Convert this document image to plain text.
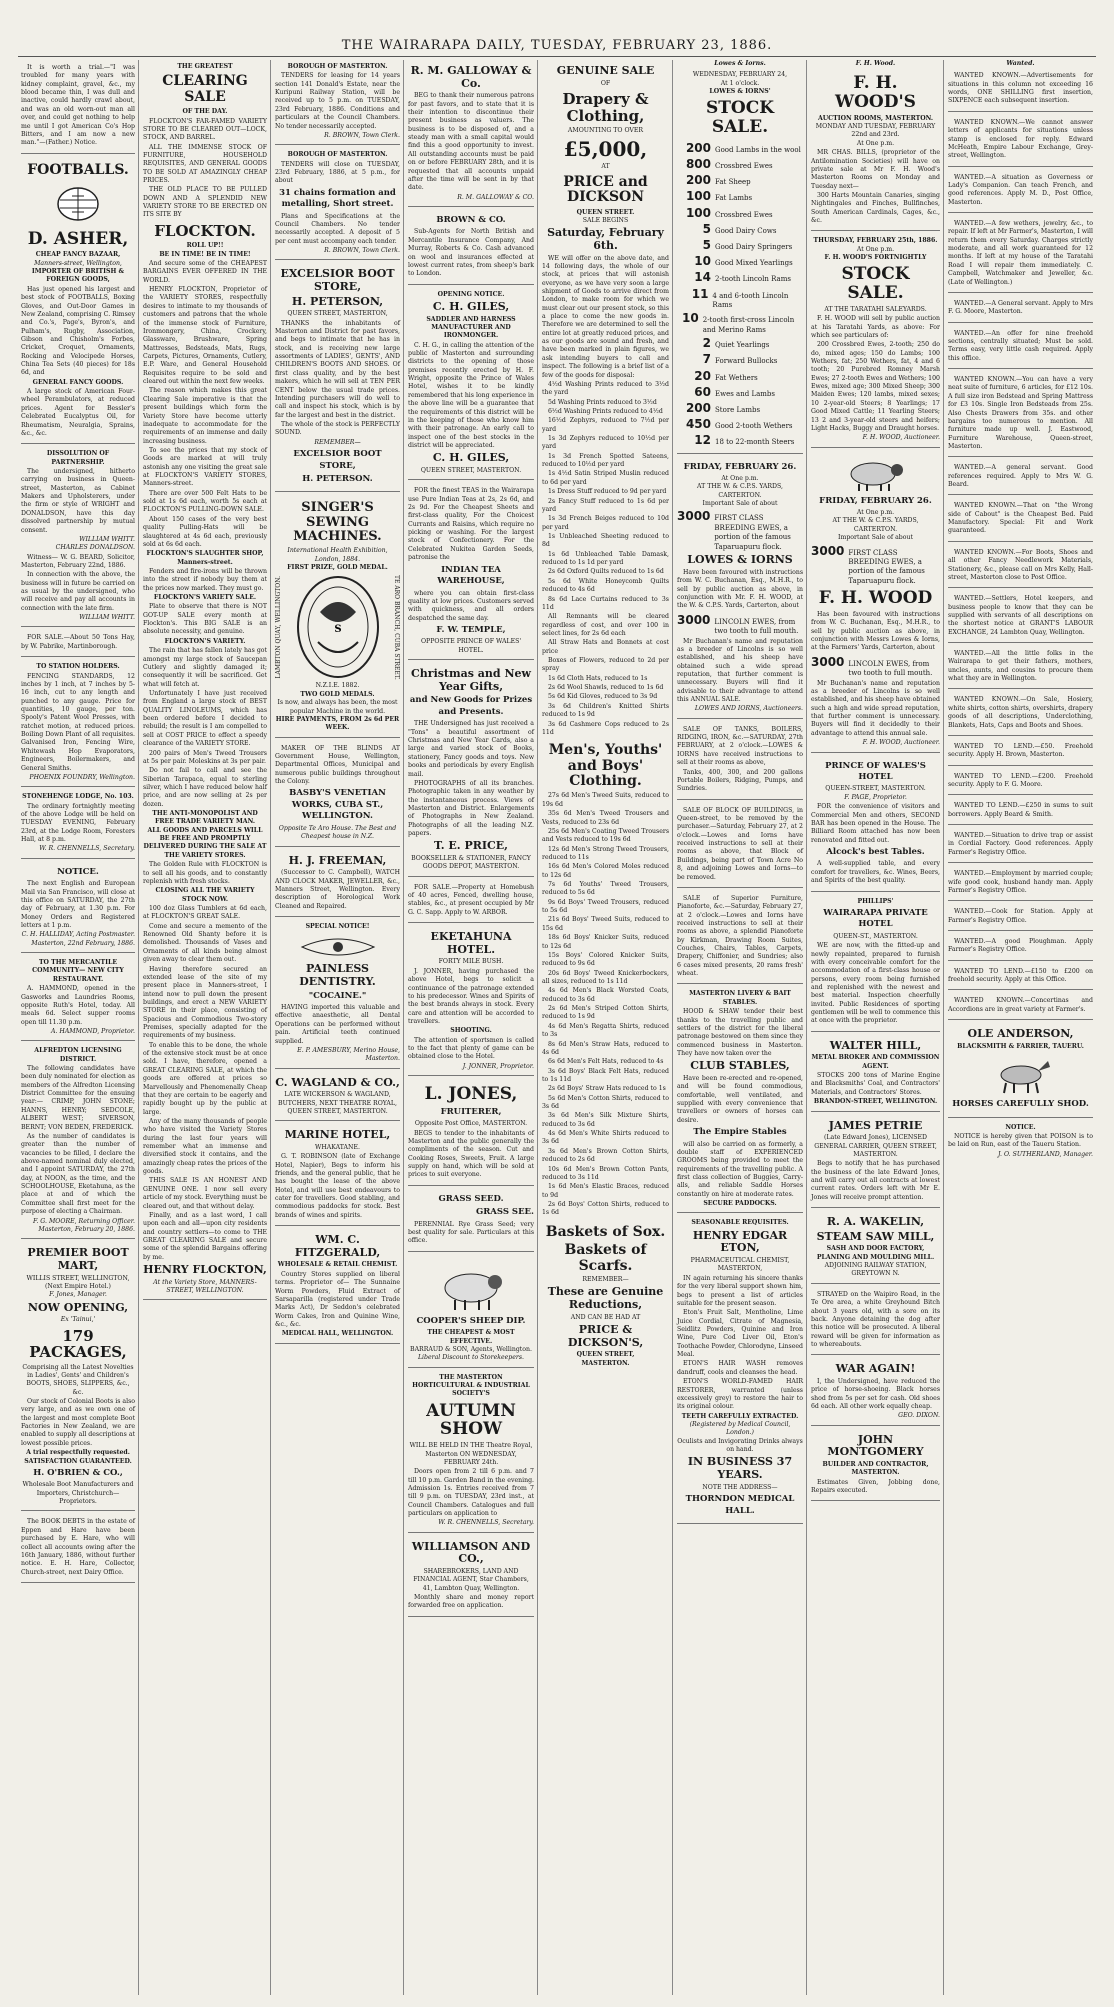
THE WAIRARAPA DAILY, TUESDAY, FEBRUARY 23, 1886.

It is worth a trial.—"I was troubled for many years with kidney complaint, gravel, &c., my blood became thin, I was dull and inactive, could hardly crawl about, and was an old worn-out man all over, and could get nothing to help me until I got American Co's Hop Bitters, and I am now a new man."—(Father.) Notice.

FOOTBALLS.
D. ASHER,
CHEAP FANCY BAZAAR,
Manners-street, Wellington,
IMPORTER OF BRITISH & FOREIGN GOODS,

Has just opened his largest and best stock of FOOTBALLS, Boxing Gloves, and Out-Door Games in New Zealand, comprising C. Rimsey and Co.'s, Page's, Byron's, and Pulham's, Rugby, Association, Gibson and Chisholm's Forbes, Cricket, Croquet, Ornaments, Rocking and Velocipede Horses, China Tea Sets (40 pieces) for 18s 6d, and

GENERAL FANCY GOODS.

A large stock of American Four-wheel Perambulators, at reduced prices. Agent for Bessler's Celebrated Eucalyptus Oil, for Rheumatism, Neuralgia, Sprains, &c., &c.

DISSOLUTION OF PARTNERSHIP.

The undersigned, hitherto carrying on business in Queen-street, Masterton, as Cabinet Makers and Upholsterers, under the firm or style of WRIGHT and DONALDSON, have this day dissolved partnership by mutual consent.

WILLIAM WHITT.
CHARLES DONALDSON.

Witness— W. G. BEARD, Solicitor, Masterton, February 22nd, 1886.

In connection with the above, the business will in future be carried on as usual by the undersigned, who will receive and pay all accounts in connection with the late firm.

WILLIAM WHITT.

FOR SALE.—About 50 Tons Hay, by W. Pabrike, Martinborough.

TO STATION HOLDERS.

FENCING STANDARDS, 12 inches by 1 inch, at 7 inches by 5-16 inch, cut to any length and punched to any gauge. Price for quantities, 10 gauge, per ton. Spooly's Patent Wool Presses, with ratchet motion, at reduced prices. Boiling Down Plant of all requisites. Galvanised Iron, Fencing Wire, Whitewash Hop Evaporators, Engineers, Boilermakers, and General Smiths.

PHOENIX FOUNDRY, Wellington.
STONEHENGE LODGE, No. 103.

The ordinary fortnightly meeting of the above Lodge will be held on TUESDAY EVENING, February 23rd, at the Lodge Room, Foresters Hall, at 8 p.m.

W. R. CHENNELLS, Secretary.
NOTICE.

The next English and European Mail via San Francisco, will close at this office on SATURDAY, the 27th day of February, at 1.30 p.m. For Money Orders and Registered letters at 1 p.m.

C. H. HALLIDAY, Acting Postmaster. Masterton, 22nd February, 1886.
TO THE MERCANTILE COMMUNITY— NEW CITY RESTAURANT.

A. HAMMOND, opened in the Gasworks and Laundries Rooms, opposite Ruth's Hotel, today. All meals 6d. Select supper rooms open till 11.30 p.m.

A. HAMMOND, Proprietor.
ALFREDTON LICENSING DISTRICT.

The following candidates have been duly nominated for election as members of the Alfredton Licensing District Committee for the ensuing year:— CRIMP, JOHN STONE; HANNS, HENRY; SEDCOLE, ALBERT WEST; SIVERSON, BERNT; VON BEDEN, FREDERICK.

As the number of candidates is greater than the number of vacancies to be filled, I declare the above-named nominal duly elected, and I appoint SATURDAY, the 27th day, at NOON, as the time, and the SCHOOLHOUSE, Eketahuna, as the place at and of which the Committee shall first meet for the purpose of electing a Chairman.

F. G. MOORE, Returning Officer. Masterton, February 20, 1886.
PREMIER BOOT MART,
WILLIS STREET, WELLINGTON, (Next Empire Hotel.)
F. Jones, Manager.
NOW OPENING,
Ex 'Tainui,'
179 PACKAGES,
Comprising all the Latest Novelties in Ladies', Gents' and Children's BOOTS, SHOES, SLIPPERS, &c., &c.

Our stock of Colonial Boots is also very large, and as we own one of the largest and most complete Boot Factories in New Zealand, we are enabled to supply all descriptions at lowest possible prices.

A trial respectfully requested. SATISFACTION GUARANTEED.
H. O'BRIEN & CO.,
Wholesale Boot Manufacturers and Importers, Christchurch—Proprietors.

The BOOK DEBTS in the estate of Eppen and Hare have been purchased by E. Hare, who will collect all accounts owing after the 16th January, 1886, without further notice. E. H. Hare, Collector, Church-street, next Dairy Office.

THE GREATEST
CLEARING SALE
OF THE DAY.

FLOCKTON'S FAR-FAMED VARIETY STORE TO BE CLEARED OUT—LOCK, STOCK, AND BARREL.

ALL THE IMMENSE STOCK OF FURNITURE, HOUSEHOLD REQUISITES, AND GENERAL GOODS TO BE SOLD AT AMAZINGLY CHEAP PRICES.

THE OLD PLACE TO BE PULLED DOWN AND A SPLENDID NEW VARIETY STORE TO BE ERECTED ON ITS SITE BY

FLOCKTON.
ROLL UP!!
BE IN TIME! BE IN TIME!

And secure some of the CHEAPEST BARGAINS EVER OFFERED IN THE WORLD.

HENRY FLOCKTON, Proprietor of the VARIETY STORES, respectfully desires to intimate to my thousands of customers and patrons that the whole of the immense stock of Furniture, Ironmongery, China, Crockery, Glassware, Brushware, Spring Mattresses, Bedsteads, Mats, Rugs, Carpets, Pictures, Ornaments, Cutlery, E.P. Ware, and General Household Requisites require to be sold and cleared out within the next few weeks.

The reason which makes this great Clearing Sale imperative is that the present buildings which form the Variety Store have become utterly inadequate to accommodate for the requirements of an immense and daily increasing business.

To see the prices that my stock of Goods are marked at will truly astonish any one visiting the great sale at FLOCKTON'S VARIETY STORES, Manners-street.

There are over 500 Felt Hats to be sold at 1s 6d each, worth 5s each at FLOCKTON'S PULLING-DOWN SALE.

About 150 cases of the very best quality Pulling-Hats will be slaughtered at 4s 6d each, previously sold at 6s 6d each.

FLOCKTON'S SLAUGHTER SHOP, Manners-street.

Fenders and fire-irons will be thrown into the street if nobody buy them at the prices now marked. They must go.

FLOCKTON'S VARIETY SALE.

Plate to observe that there is NOT GOT-UP SALE every month at Flockton's. This BIG SALE is an absolute necessity, and genuine.

FLOCKTON'S VARIETY.

The rain that has fallen lately has got amongst my large stock of Saucepan Cutlery and slightly damaged it; consequently it will be sacrificed. Get what will fetch at.

Unfortunately I have just received from England a large stock of BEST QUALITY LINOLEUMS, which has been ordered before I decided to rebuild; the result is I am compelled to sell at COST PRICE to effect a speedy clearance of the VARIETY STORE.

200 pairs of Men's Tweed Trousers at 5s per pair. Moleskins at 3s per pair.

Do not fail to call and see the Siberian Tarapaca, equal to sterling silver, which I have reduced below half price, and are now selling at 2s per dozen.

THE ANTI-MONOPOLIST AND FREE TRADE VARIETY MAN.
ALL GOODS AND PARCELS WILL BE FREE AND PROMPTLY DELIVERED DURING THE SALE AT THE VARIETY STORES.

The Golden Rule with FLOCKTON is to sell all his goods, and to constantly replenish with fresh stocks.

CLOSING ALL THE VARIETY STOCK NOW.

100 doz Glass Tumblers at 6d each, at FLOCKTON'S GREAT SALE.

Come and secure a memento of the Renowned Old Shanty before it is demolished. Thousands of Vases and Ornaments of all kinds being almost given away to clear them out.

Having therefore secured an extended lease of the site of my present place in Manners-street, I intend now to pull down the present buildings, and erect a NEW VARIETY STORE in their place, consisting of Spacious and Commodious Two-story Premises, specially adapted for the requirements of my business.

To enable this to be done, the whole of the extensive stock must be at once sold. I have, therefore, opened a GREAT CLEARING SALE, at which the goods are offered at prices so Marvellously and Phenomenally Cheap that they are certain to be eagerly and rapidly bought up by the public at large.

Any of the many thousands of people who have visited the Variety Stores during the last four years will remember what an immense and diversified stock it contains, and the amazingly cheap rates the prices of the goods.

THIS SALE IS AN HONEST AND GENUINE ONE. I now sell every article of my stock. Everything must be cleared out, and that without delay.

Finally, and as a last word, I call upon each and all—upon city residents and country settlers—to come to THE GREAT CLEARING SALE and secure some of the splendid Bargains offering by me.

HENRY FLOCKTON,
At the Variety Store, MANNERS-STREET, WELLINGTON.
BOROUGH OF MASTERTON.

TENDERS for leasing for 14 years section 141 Donald's Estate, near the Kuripuni Railway Station, will be received up to 5 p.m. on TUESDAY, 23rd February, 1886. Conditions and particulars at the Council Chambers. No tender necessarily accepted.

R. BROWN, Town Clerk.
BOROUGH OF MASTERTON.

TENDERS will close on TUESDAY, 23rd February, 1886, at 5 p.m., for about

31 chains formation and metalling, Short street.

Plans and Specifications at the Council Chambers. No tender necessarily accepted. A deposit of 5 per cent must accompany each tender.

R. BROWN, Town Clerk.
EXCELSIOR BOOT STORE,
H. PETERSON,
QUEEN STREET, MASTERTON,

THANKS the inhabitants of Masterton and District for past favors, and begs to intimate that he has in stock, and is receiving new large assortments of LADIES', GENTS', AND CHILDREN'S BOOTS AND SHOES. Of first class quality, and by the best makers, which he will sell at TEN PER CENT below the usual trade prices. Intending purchasers will do well to call and inspect his stock, which is by far the largest and best in the district.

The whole of the stock is PERFECTLY SOUND.

REMEMBER—
EXCELSIOR BOOT STORE,
H. PETERSON.
SINGER'S SEWING MACHINES.
International Health Exhibition, London, 1884.
FIRST PRIZE, GOLD MEDAL.
LAMBTON QUAY, WELLINGTON.	S	TE ARO BRANCH, CUBA STREET.
N.Z.I.E. 1882.
TWO GOLD MEDALS.
Is now, and always has been, the most popular Machine in the world.
HIRE PAYMENTS, FROM 2s 6d PER WEEK.

MAKER OF THE BLINDS AT Government House, Wellington, Departmental Offices, Municipal and numerous public buildings throughout the Colony.

BASBY'S VENETIAN WORKS, CUBA ST., WELLINGTON.
Opposite Te Aro House. The Best and Cheapest house in N.Z.
H. J. FREEMAN,

(Successor to C. Campbell), WATCH AND CLOCK MAKER, JEWELLER, &c., Manners Street, Wellington. Every description of Horological Work Cleaned and Repaired.

SPECIAL NOTICE!
PAINLESS DENTISTRY.
"COCAINE."

HAVING imported this valuable and effective anaesthetic, all Dental Operations can be performed without pain. Artificial teeth continued supplied.

E. P. AMESBURY, Merino House, Masterton.
C. WAGLAND & CO.,
LATE WICKERSON & WAGLAND, BUTCHERS, NEXT THEATRE ROYAL, QUEEN STREET, MASTERTON.
MARINE HOTEL,
WHAKATANE.

G. T. ROBINSON (late of Exchange Hotel, Napier), Begs to inform his friends, and the general public, that he has bought the lease of the above Hotel, and will use best endeavours to cater for travellers. Good stabling, and commodious paddocks for stock. Best brands of wines and spirits.

WM. C. FITZGERALD,
WHOLESALE & RETAIL CHEMIST.

Country Stores supplied on liberal terms. Proprietor of— The Sunnaine Worm Powders, Fluid Extract of Sarsaparilla (registered under Trade Marks Act), Dr Seddon's celebrated Worm Cakes, Iron and Quinine Wine, &c., &c.

MEDICAL HALL, WELLINGTON.
R. M. GALLOWAY & Co.

BEG to thank their numerous patrons for past favors, and to state that it is their intention to discontinue their present business as valuers. The business is to be disposed of, and a steady man with a small capital would find this a good opportunity to invest. All outstanding accounts must be paid on or before FEBRUARY 28th, and it is requested that all accounts unpaid after the time will be sent in by that date.

R. M. GALLOWAY & CO.
BROWN & CO.

Sub-Agents for North British and Mercantile Insurance Company, And Murray, Roberts & Co. Cash advanced on wool and insurances effected at lowest current rates, from sheep's bark to London.

OPENING NOTICE.
C. H. GILES,
SADDLER AND HARNESS MANUFACTURER AND IRONMONGER.

C. H. G., in calling the attention of the public of Masterton and surrounding districts to the opening of those premises recently erected by H. F. Wright, opposite the Prince of Wales Hotel, wishes it to be kindly remembered that his long experience in the above line will be a guarantee that the requirements of this district will be in the keeping of those who know him with their patronage. An early call to inspect one of the best stocks in the district will be appreciated.

C. H. GILES,
QUEEN STREET, MASTERTON.

FOR the finest TEAS in the Wairarapa use Pure Indian Teas at 2s, 2s 6d, and 2s 9d. For the Cheapest Sheets and first-class quality, For the Choicest Currants and Raisins, which require no picking or washing. For the largest stock of Confectionery. For the Celebrated Nukitea Garden Seeds, patronise the

INDIAN TEA WAREHOUSE,

where you can obtain first-class quality at low prices. Customers served with quickness, and all orders despatched the same day.

F. W. TEMPLE,
OPPOSITE PRINCE OF WALES' HOTEL.
Christmas and New Year Gifts,
and New Goods for Prizes and Presents.

THE Undersigned has just received a "Tons" a beautiful assortment of Christmas and New Year Cards, also a large and varied stock of Books, stationery, Fancy goods and toys. New books and periodicals by every English mail.

PHOTOGRAPHS of all its branches. Photographic taken in any weather by the instantaneous process. Views of Masterton and District. Enlargements of Photographs in New Zealand. Photographs of all the leading N.Z. papers.

T. E. PRICE,
BOOKSELLER & STATIONER, FANCY GOODS DEPOT, MASTERTON.

FOR SALE.—Property at Homebush of 40 acres, Fenced, dwelling house, stables, &c., at present occupied by Mr G. C. Sapp. Apply to W. ARBOR.

EKETAHUNA HOTEL.
FORTY MILE BUSH.

J. JONNER, having purchased the above Hotel, begs to solicit a continuance of the patronage extended to his predecessor. Wines and Spirits of the best brands always in stock. Every care and attention will be accorded to travellers.

SHOOTING.

The attention of sportsmen is called to the fact that plenty of game can be obtained close to the Hotel.

J. JONNER, Proprietor.
L. JONES,
FRUITERER,
Opposite Post Office, MASTERTON.

BEGS to tender to the inhabitants of Masterton and the public generally the compliments of the season. Cut and Cooking Roses, Sweets, Fruit. A large supply on hand, which will be sold at prices to suit everyone.

GRASS SEED.
GRASS SEE.

PERENNIAL Rye Grass Seed; very best quality for sale. Particulars at this office.

COOPER'S SHEEP DIP.
THE CHEAPEST & MOST EFFECTIVE.
BARRAUD & SON, Agents, Wellington.
Liberal Discount to Storekeepers.
THE MASTERTON HORTICULTURAL & INDUSTRIAL SOCIETY'S
AUTUMN SHOW
WILL BE HELD IN THE Theatre Royal, Masterton ON WEDNESDAY, FEBRUARY 24th.

Doors open from 2 till 6 p.m. and 7 till 10 p.m. Garden Band in the evening. Admission 1s. Entries received from 7 till 9 p.m. on TUESDAY, 23rd inst., at Council Chambers. Catalogues and full particulars on application to

W. R. CHENNELLS, Secretary.
WILLIAMSON AND CO.,
SHAREBROKERS, LAND AND FINANCIAL AGENT, Star Chambers, 41, Lambton Quay, Wellington.

Monthly share and money report forwarded free on application.

GENUINE SALE
OF
Drapery & Clothing,
AMOUNTING TO OVER
£5,000,
AT
PRICE and DICKSON
QUEEN STREET.
SALE BEGINS
Saturday, February 6th.

WE will offer on the above date, and 14 following days, the whole of our stock, at prices that will astonish everyone, as we have very soon a large shipment of Goods to arrive direct from London, to make room for which we must clear out our present stock, so this a place to come the new goods in. Therefore we are determined to sell the entire lot at greatly reduced prices, and as our goods are sound and fresh, and have been marked in plain figures, we ask intending buyers to call and inspect. The following is a brief list of a few of the goods for disposal:

4½d Washing Prints reduced to 3½d the yard

5d Washing Prints reduced to 3½d

6½d Washing Prints reduced to 4½d

16½d Zephyrs, reduced to 7½d per yard

1s 3d Zephyrs reduced to 10½d per yard

1s 3d French Spotted Sateens, reduced to 10½d per yard

1s 4½d Satin Striped Muslin reduced to 6d per yard

1s Dress Stuff reduced to 9d per yard

2s Fancy Stuff reduced to 1s 6d per yard

1s 3d French Beiges reduced to 10d per yard

1s Unbleached Sheeting reduced to 8d

1s 6d Unbleached Table Damask, reduced to 1s 1d per yard

2s 6d Oxford Quilts reduced to 1s 6d

5s 6d White Honeycomb Quilts reduced to 4s 6d

8s 6d Lace Curtains reduced to 3s 11d

All Remnants will be cleared regardless of cost, and over 100 in select lines, for 2s 6d each

All Straw Hats and Bonnets at cost price

Boxes of Flowers, reduced to 2d per spray

1s 6d Cloth Hats, reduced to 1s

2s 6d Wool Shawls, reduced to 1s 6d

5s 6d Kid Gloves, reduced to 3s 9d

3s 6d Children's Knitted Shirts reduced to 1s 9d

3s 6d Cashmere Cops reduced to 2s 11d

Men's, Youths' and Boys' Clothing.

27s 6d Men's Tweed Suits, reduced to 19s 6d

35s 6d Men's Tweed Trousers and Vests, reduced to 23s 6d

25s 6d Men's Coating Tweed Trousers and Vests reduced to 19s 6d

12s 6d Men's Strong Tweed Trousers, reduced to 11s

16s 6d Men's Colored Moles reduced to 12s 6d

7s 6d Youths' Tweed Trousers, reduced to 5s 6d

9s 6d Boys' Tweed Trousers, reduced to 5s 6d

21s 6d Boys' Tweed Suits, reduced to 15s 6d

18s 6d Boys' Knicker Suits, reduced to 12s 6d

15s Boys' Colored Knicker Suits, reduced to 9s 6d

20s 6d Boys' Tweed Knickerbockers, all sizes, reduced to 1s 11d

4s 6d Men's Black Worsted Coats, reduced to 3s 6d

2s 6d Men's Striped Cotton Shirts, reduced to 1s 9d

4s 6d Men's Regatta Shirts, reduced to 3s

8s 6d Men's Straw Hats, reduced to 4s 6d

6s 6d Men's Felt Hats, reduced to 4s

3s 6d Boys' Black Felt Hats, reduced to 1s 11d

2s 6d Boys' Straw Hats reduced to 1s

5s 6d Men's Cotton Shirts, reduced to 3s 6d

3s 6d Men's Silk Mixture Shirts, reduced to 3s 6d

4s 6d Men's White Shirts reduced to 3s 6d

3s 6d Men's Brown Cotton Shirts, reduced to 2s 6d

10s 6d Men's Brown Cotton Pants, reduced to 3s 11d

1s 6d Men's Elastic Braces, reduced to 9d

2s 6d Boys' Cotton Shirts, reduced to 1s 6d

Baskets of Sox.
Baskets of Scarfs.
REMEMBER—
These are Genuine Reductions,
AND CAN BE HAD AT
PRICE & DICKSON'S,
QUEEN STREET,
MASTERTON.
Lowes & Iorns.
WEDNESDAY, FEBRUARY 24,
At 1 o'clock.
LOWES & IORNS'
STOCK SALE.
200 Good Lambs in the wool
800 Crossbred Ewes
200 Fat Sheep
100 Fat Lambs
100 Crossbred Ewes
5 Good Dairy Cows
5 Good Dairy Springers
10 Good Mixed Yearlings
14 2-tooth Lincoln Rams
11 4 and 6-tooth Lincoln Rams
10 2-tooth first-cross Lincoln and Merino Rams
2 Quiet Yearlings
7 Forward Bullocks
20 Fat Wethers
60 Ewes and Lambs
200 Store Lambs
450 Good 2-tooth Wethers
12 18 to 22-month Steers
FRIDAY, FEBRUARY 26.
At One p.m.
AT THE W. & C.P.S. YARDS, CARTERTON.
Important Sale of about
3000 FIRST CLASS BREEDING EWES, a portion of the famous Taparuapuru flock.
LOWES & IORNS

Have been favoured with instructions from W. C. Buchanan, Esq., M.H.R., to sell by public auction as above, in conjunction with Mr. F. H. WOOD, at the W. & C.P.S. Yards, Carterton, about

3000 LINCOLN EWES, from two tooth to full mouth.

Mr Buchanan's name and reputation as a breeder of Lincolns is so well established, and his sheep have obtained such a wide spread reputation, that further comment is unnecessary. Buyers will find it advisable to their advantage to attend this ANNUAL SALE.

LOWES AND IORNS, Auctioneers.

SALE OF TANKS, BOILERS, RIDGING, IRON, &c.—SATURDAY, 27th FEBRUARY, at 2 o'clock.—LOWES & IORNS have received instructions to sell at their rooms as above,

Tanks, 400, 300, and 200 gallons Portable Boilers, Ridging, Pumps, and Sundries.

SALE OF BLOCK OF BUILDINGS, in Queen-street, to be removed by the purchaser.—Saturday, February 27, at 2 o'clock.—Lowes and Iorns have received instructions to sell at their rooms as above, that Block of Buildings, being part of Town Acre No 8, and adjoining Lowes and Iorns—to be removed.

SALE of Superior Furniture, Pianoforte, &c.—Saturday, February 27, at 2 o'clock.—Lowes and Iorns have received instructions to sell at their rooms as above, a splendid Pianoforte by Kirkman, Drawing Room Suites, Couches, Chairs, Tables, Carpets, Drapery, Chiffonier, and Sundries; also 6 cases mixed presents, 20 rams fresh' wheat.

MASTERTON LIVERY & BAIT STABLES.

HOOD & SHAW tender their best thanks to the travelling public and settlers of the district for the liberal patronage bestowed on them since they commenced business in Masterton. They have now taken over the

CLUB STABLES,

Have been re-erected and re-opened, and will be found commodious, comfortable, well ventilated, and supplied with every convenience that travellers or owners of horses can desire.

The Empire Stables

will also be carried on as formerly, a double staff of EXPERIENCED GROOMS being provided to meet the requirements of the travelling public. A first class collection of Buggies, Carry-alls, and reliable Saddle Horses constantly on hire at moderate rates.

SECURE PADDOCKS.
SEASONABLE REQUISITES.
HENRY EDGAR ETON,
PHARMACEUTICAL CHEMIST, MASTERTON,

IN again returning his sincere thanks for the very liberal support shown him, begs to present a list of articles suitable for the present season.

Eton's Fruit Salt, Mentholine, Lime Juice Cordial, Citrate of Magnesia, Seidlitz Powders, Quinine and Iron Wine, Pure Cod Liver Oil, Eton's Toothache Powder, Chlorodyne, Linseed Meal.

ETON'S HAIR WASH removes dandruff, cools and cleanses the head.

ETON'S WORLD-FAMED HAIR RESTORER, warranted (unless excessively grey) to restore the hair to its original colour.

TEETH CAREFULLY EXTRACTED.
(Registered by Medical Council, London.)
Oculists and Invigorating Drinks always on hand.
IN BUSINESS 37 YEARS.
NOTE THE ADDRESS—
THORNDON MEDICAL HALL.
F. H. Wood.
F. H. WOOD'S
AUCTION ROOMS, MASTERTON.
MONDAY AND TUESDAY, FEBRUARY 22nd and 23rd.
At One p.m.

MR CHAS. BILLS, (proprietor of the Antilomination Societies) will have on private sale at Mr F. H. Wood's Masterton Rooms on Monday and Tuesday next—

300 Harts Mountain Canaries, singing Nightingales and Finches, Bullfinches, South American Cardinals, Cages, &c., &c.

THURSDAY, FEBRUARY 25th, 1886.
At One p.m.
F. H. WOOD'S FORTNIGHTLY
STOCK SALE.
AT THE TARATAHI SALEYARDS.

F. H. WOOD will sell by public auction at his Taratahi Yards, as above: For which see particulars of:

200 Crossbred Ewes, 2-tooth; 250 do do, mixed ages; 150 do Lambs; 100 Wethers, fat; 250 Wethers, fat, 4 and 6 tooth; 20 Purebred Romney Marsh Ewes; 27 2-tooth Ewes and Wethers; 100 Ewes, mixed age; 300 Mixed Sheep; 300 Maiden Ewes; 120 lambs, mixed sexes; 10 2-year-old Steers; 8 Yearlings; 17 Good Mixed Cattle; 11 Yearling Steers; 13 2 and 3-year-old steers and heifers; Light Hacks, Buggy and Draught horses.

F. H. WOOD, Auctioneer.
FRIDAY, FEBRUARY 26.
At One p.m.
AT THE W. & C.P.S. YARDS, CARTERTON.
Important Sale of about
3000 FIRST CLASS BREEDING EWES, a portion of the famous Taparuapuru flock.
F. H. WOOD

Has been favoured with instructions from W. C. Buchanan, Esq., M.H.R., to sell by public auction as above, in conjunction with Messrs Lowes & Iorns, at the Farmers' Yards, Carterton, about

3000 LINCOLN EWES, from two tooth to full mouth.

Mr Buchanan's name and reputation as a breeder of Lincolns is so well established, and his sheep have obtained such a high and wide spread reputation, that further comment is unnecessary. Buyers will find it decidedly to their advantage to attend this annual sale.

F. H. WOOD, Auctioneer.
PRINCE OF WALES'S HOTEL
QUEEN-STREET, MASTERTON.
F. PAGE, Proprietor.

FOR the convenience of visitors and Commercial Men and others, SECOND BAR has been opened in the House. The Billiard Room attached has now been renovated and fitted out.

Alcock's best Tables.

A well-supplied table, and every comfort for travellers, &c. Wines, Beers, and Spirits of the best quality.

PHILLIPS'
WAIRARAPA PRIVATE HOTEL
QUEEN-ST., MASTERTON.

WE are now, with the fitted-up and newly repainted, prepared to furnish with every conceivable comfort for the accommodation of a first-class house or persons, every room being furnished and replenished with the newest and best material. Inspection cheerfully invited. Public Residences of sporting gentlemen will be well to commence this at once with the proprietor.

WALTER HILL,
METAL BROKER AND COMMISSION AGENT.

STOCKS 200 tons of Marine Engine and Blacksmiths' Coal, and Contractors' Materials, and Contractors' Stores.

BRANDON-STREET, WELLINGTON.
JAMES PETRIE
(Late Edward Jones), LICENSED GENERAL CARRIER, QUEEN STREET, MASTERTON.

Begs to notify that he has purchased the business of the late Edward Jones, and will carry out all contracts at lowest current rates. Orders left with Mr E. Jones will receive prompt attention.

R. A. WAKELIN,
STEAM SAW MILL,
SASH AND DOOR FACTORY, PLANING AND MOULDING MILL.
ADJOINING RAILWAY STATION, GREYTOWN N.

STRAYED on the Waipiro Road, in the Te Ore area, a white Greyhound Bitch about 3 years old, with a sore on its back. Anyone detaining the dog after this notice will be prosecuted. A liberal reward will be given for information as to whereabouts.

WAR AGAIN!

I, the Undersigned, have reduced the price of horse-shoeing. Black horses shod from 5s per set for cash. Old shoes 6d each. All other work equally cheap.

GEO. DIXON.
JOHN MONTGOMERY
BUILDER AND CONTRACTOR, MASTERTON.

Estimates Given, Jobbing done, Repairs executed.

Wanted.

WANTED KNOWN.—Advertisements for situations in this column not exceeding 16 words, ONE SHILLING first insertion, SIXPENCE each subsequent insertion.

WANTED KNOWN.—We cannot answer letters of applicants for situations unless stamp is enclosed for reply. Edward McHeath, Empire Labour Exchange, Grey-street, Wellington.

WANTED.—A situation as Governess or Lady's Companion. Can teach French, and good references. Apply M. D., Post Office, Masterton.

WANTED.—A few wethers, jewelry, &c., to repair. If left at Mr Farmer's, Masterton, I will return them every Saturday. Charges strictly moderate, and all work guaranteed for 12 months. If left at my house of the Taratahi Road I will repair them immediately. C. Campbell, Watchmaker and Jeweller, &c. (Late of Wellington.)

WANTED.—A General servant. Apply to Mrs F. G. Moore, Masterton.

WANTED.—An offer for nine freehold sections, centrally situated; Must be sold. Terms easy, very little cash required. Apply this office.

WANTED KNOWN.—You can have a very neat suite of furniture, 6 articles, for £12 10s. A full size iron Bedstead and Spring Mattress for £3 10s. Single Iron Bedsteads from 25s. Also Chests Drawers from 35s. and other bargains too numerous to mention. All furniture made up well. J. Eastwood, Furniture Warehouse, Queen-street, Masterton.

WANTED.—A general servant. Good references required. Apply to Mrs W. G. Beard.

WANTED KNOWN.—That on "the Wrong side of Cabout" is the Cheapest Bed. Paid Manufactory. Special: Fit and Work guaranteed.

WANTED KNOWN.—For Boots, Shoes and all other Fancy Needlework Materials, Stationery, &c., please call on Mrs Kelly, Hall-street, Masterton close to Post Office.

WANTED.—Settlers, Hotel keepers, and business people to know that they can be supplied with servants of all descriptions on the shortest notice at GRANT'S LABOUR EXCHANGE, 24 Lambton Quay, Wellington.

WANTED.—All the little folks in the Wairarapa to get their fathers, mothers, uncles, aunts, and cousins to procure them what they are in Wellington.

WANTED KNOWN.—On Sale, Hosiery, white shirts, cotton shirts, overshirts, drapery goods of all descriptions, Underclothing, Blankets, Hats, Caps and Boots and Shoes.

WANTED TO LEND.—£50. Freehold security. Apply H. Brown, Masterton.

WANTED TO LEND.—£200. Freehold security. Apply to F. G. Moore.

WANTED TO LEND.—£250 in sums to suit borrowers. Apply Beard & Smith.

WANTED.—Situation to drive trap or assist in Cordial Factory. Good references. Apply Farmer's Registry Office.

WANTED.—Employment by married couple; wife good cook, husband handy man. Apply Farmer's Registry Office.

WANTED.—Cook for Station. Apply at Farmer's Registry Office.

WANTED.—A good Ploughman. Apply Farmer's Registry Office.

WANTED TO LEND.—£150 to £200 on freehold security. Apply at this Office.

WANTED KNOWN.—Concertinas and Accordions are in great variety at Farmer's.

OLE ANDERSON,
BLACKSMITH & FARRIER, TAUERU.
HORSES CAREFULLY SHOD.
NOTICE.

NOTICE is hereby given that POISON is to be laid on Run, east of the Taueru Station.

J. O. SUTHERLAND, Manager.
